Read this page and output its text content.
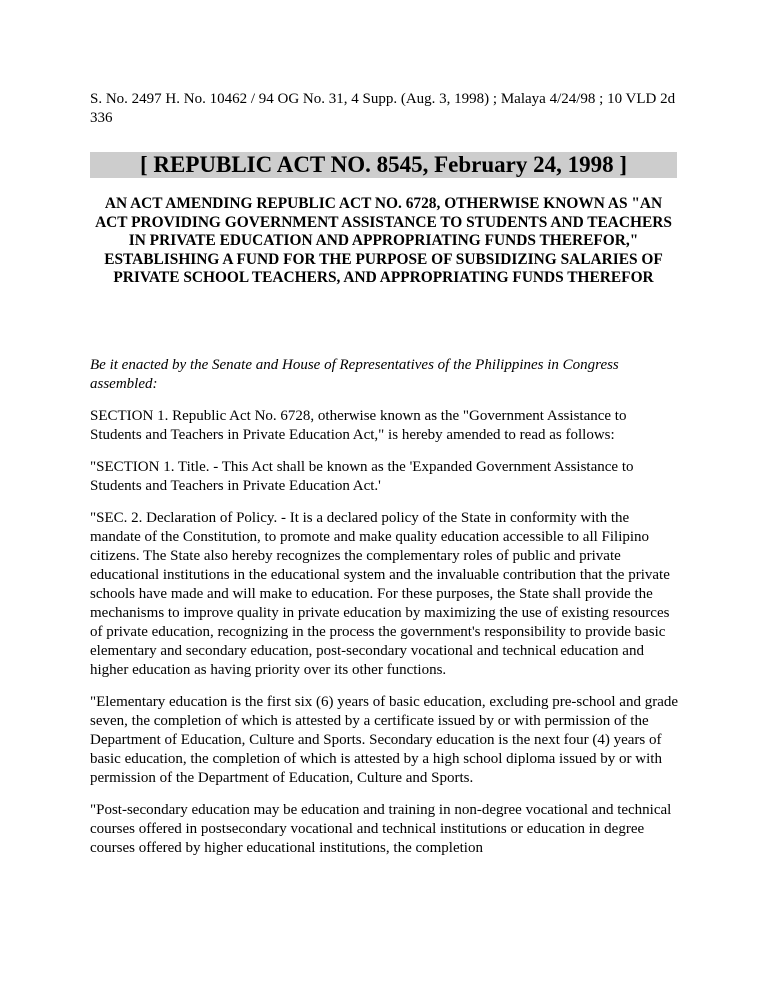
S. No. 2497 H. No. 10462 / 94 OG No. 31, 4 Supp. (Aug. 3, 1998) ; Malaya 4/24/98 ; 10 VLD 2d 336
[ REPUBLIC ACT NO. 8545, February 24, 1998 ]
AN ACT AMENDING REPUBLIC ACT NO. 6728, OTHERWISE KNOWN AS "AN ACT PROVIDING GOVERNMENT ASSISTANCE TO STUDENTS AND TEACHERS IN PRIVATE EDUCATION AND APPROPRIATING FUNDS THEREFOR," ESTABLISHING A FUND FOR THE PURPOSE OF SUBSIDIZING SALARIES OF PRIVATE SCHOOL TEACHERS, AND APPROPRIATING FUNDS THEREFOR
Be it enacted by the Senate and House of Representatives of the Philippines in Congress assembled:

SECTION 1. Republic Act No. 6728, otherwise known as the "Government Assistance to Students and Teachers in Private Education Act," is hereby amended to read as follows:

"SECTION 1. Title. - This Act shall be known as the 'Expanded Government Assistance to Students and Teachers in Private Education Act.'

"SEC. 2. Declaration of Policy. - It is a declared policy of the State in conformity with the mandate of the Constitution, to promote and make quality education accessible to all Filipino citizens. The State also hereby recognizes the complementary roles of public and private educational institutions in the educational system and the invaluable contribution that the private schools have made and will make to education. For these purposes, the State shall provide the mechanisms to improve quality in private education by maximizing the use of existing resources of private education, recognizing in the process the government's responsibility to provide basic elementary and secondary education, post-secondary vocational and technical education and higher education as having priority over its other functions.

"Elementary education is the first six (6) years of basic education, excluding pre-school and grade seven, the completion of which is attested by a certificate issued by or with permission of the Department of Education, Culture and Sports. Secondary education is the next four (4) years of basic education, the completion of which is attested by a high school diploma issued by or with permission of the Department of Education, Culture and Sports.

"Post-secondary education may be education and training in non-degree vocational and technical courses offered in postsecondary vocational and technical institutions or education in degree courses offered by higher educational institutions, the completion
